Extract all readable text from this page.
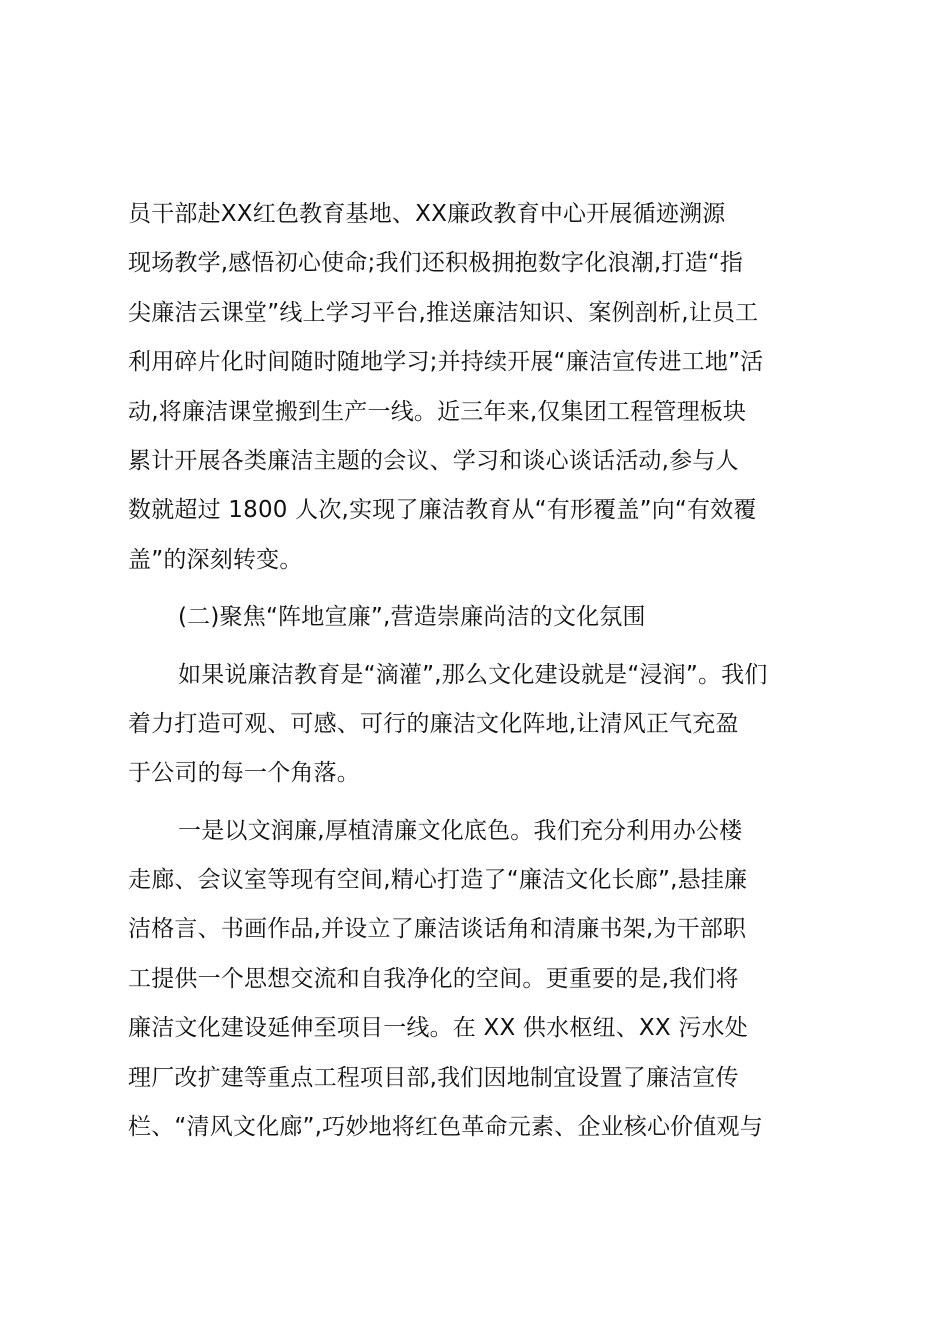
员干部赴XX红色教育基地、XX廉政教育中心开展循迹溯源
现场教学,感悟初心使命;我们还积极拥抱数字化浪潮,打造“指
尖廉洁云课堂”线上学习平台,推送廉洁知识、案例剖析,让员工
利用碎片化时间随时随地学习;并持续开展“廉洁宣传进工地”活
动,将廉洁课堂搬到生产一线。近三年来,仅集团工程管理板块
累计开展各类廉洁主题的会议、学习和谈心谈话活动,参与人
数就超过 1800 人次,实现了廉洁教育从“有形覆盖”向“有效覆
盖”的深刻转变。
(二)聚焦“阵地宣廉”,营造崇廉尚洁的文化氛围
如果说廉洁教育是“滴灌”,那么文化建设就是“浸润”。我们
着力打造可观、可感、可行的廉洁文化阵地,让清风正气充盈
于公司的每一个角落。
一是以文润廉,厚植清廉文化底色。我们充分利用办公楼
走廊、会议室等现有空间,精心打造了“廉洁文化长廊”,悬挂廉
洁格言、书画作品,并设立了廉洁谈话角和清廉书架,为干部职
工提供一个思想交流和自我净化的空间。更重要的是,我们将
廉洁文化建设延伸至项目一线。在 XX 供水枢纽、XX 污水处
理厂改扩建等重点工程项目部,我们因地制宜设置了廉洁宣传
栏、“清风文化廊”,巧妙地将红色革命元素、企业核心价值观与
